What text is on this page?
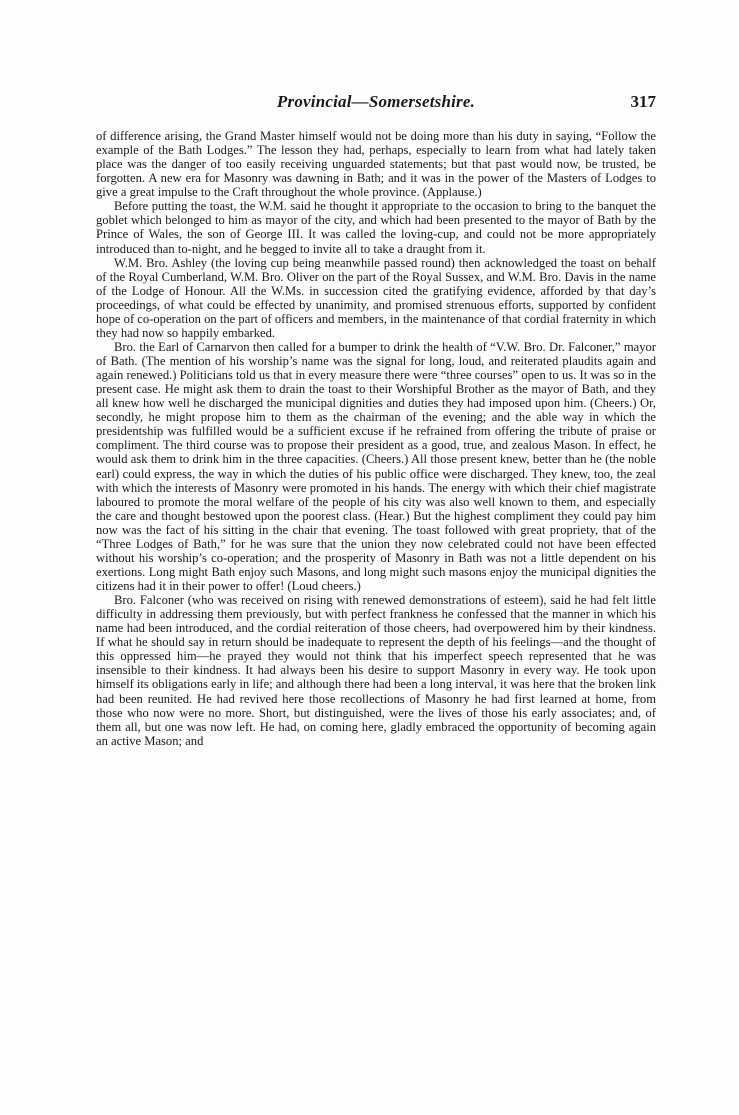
Provincial—Somersetshire.	317

of difference arising, the Grand Master himself would not be doing more than his duty in saying, “Follow the example of the Bath Lodges.” The lesson they had, perhaps, especially to learn from what had lately taken place was the danger of too easily receiving unguarded statements; but that past would now, be trusted, be forgotten. A new era for Masonry was dawning in Bath; and it was in the power of the Masters of Lodges to give a great impulse to the Craft throughout the whole province. (Applause.)

Before putting the toast, the W.M. said he thought it appropriate to the occasion to bring to the banquet the goblet which belonged to him as mayor of the city, and which had been presented to the mayor of Bath by the Prince of Wales, the son of George III. It was called the loving-cup, and could not be more appropriately introduced than to-night, and he begged to invite all to take a draught from it.

W.M. Bro. Ashley (the loving cup being meanwhile passed round) then acknowledged the toast on behalf of the Royal Cumberland, W.M. Bro. Oliver on the part of the Royal Sussex, and W.M. Bro. Davis in the name of the Lodge of Honour. All the W.Ms. in succession cited the gratifying evidence, afforded by that day’s proceedings, of what could be effected by unanimity, and promised strenuous efforts, supported by confident hope of co-operation on the part of officers and members, in the maintenance of that cordial fraternity in which they had now so happily embarked.

Bro. the Earl of Carnarvon then called for a bumper to drink the health of “V.W. Bro. Dr. Falconer,” mayor of Bath. (The mention of his worship’s name was the signal for long, loud, and reiterated plaudits again and again renewed.) Politicians told us that in every measure there were “three courses” open to us. It was so in the present case. He might ask them to drain the toast to their Worshipful Brother as the mayor of Bath, and they all knew how well he discharged the municipal dignities and duties they had imposed upon him. (Cheers.) Or, secondly, he might propose him to them as the chairman of the evening; and the able way in which the presidentship was fulfilled would be a sufficient excuse if he refrained from offering the tribute of praise or compliment. The third course was to propose their president as a good, true, and zealous Mason. In effect, he would ask them to drink him in the three capacities. (Cheers.) All those present knew, better than he (the noble earl) could express, the way in which the duties of his public office were discharged. They knew, too, the zeal with which the interests of Masonry were promoted in his hands. The energy with which their chief magistrate laboured to promote the moral welfare of the people of his city was also well known to them, and especially the care and thought bestowed upon the poorest class. (Hear.) But the highest compliment they could pay him now was the fact of his sitting in the chair that evening. The toast followed with great propriety, that of the “Three Lodges of Bath,” for he was sure that the union they now celebrated could not have been effected without his worship’s co-operation; and the prosperity of Masonry in Bath was not a little dependent on his exertions. Long might Bath enjoy such Masons, and long might such masons enjoy the municipal dignities the citizens had it in their power to offer! (Loud cheers.)

Bro. Falconer (who was received on rising with renewed demonstrations of esteem), said he had felt little difficulty in addressing them previously, but with perfect frankness he confessed that the manner in which his name had been introduced, and the cordial reiteration of those cheers, had overpowered him by their kindness. If what he should say in return should be inadequate to represent the depth of his feelings—and the thought of this oppressed him—he prayed they would not think that his imperfect speech represented that he was insensible to their kindness. It had always been his desire to support Masonry in every way. He took upon himself its obligations early in life; and although there had been a long interval, it was here that the broken link had been reunited. He had revived here those recollections of Masonry he had first learned at home, from those who now were no more. Short, but distinguished, were the lives of those his early associates; and, of them all, but one was now left. He had, on coming here, gladly embraced the opportunity of becoming again an active Mason; and
